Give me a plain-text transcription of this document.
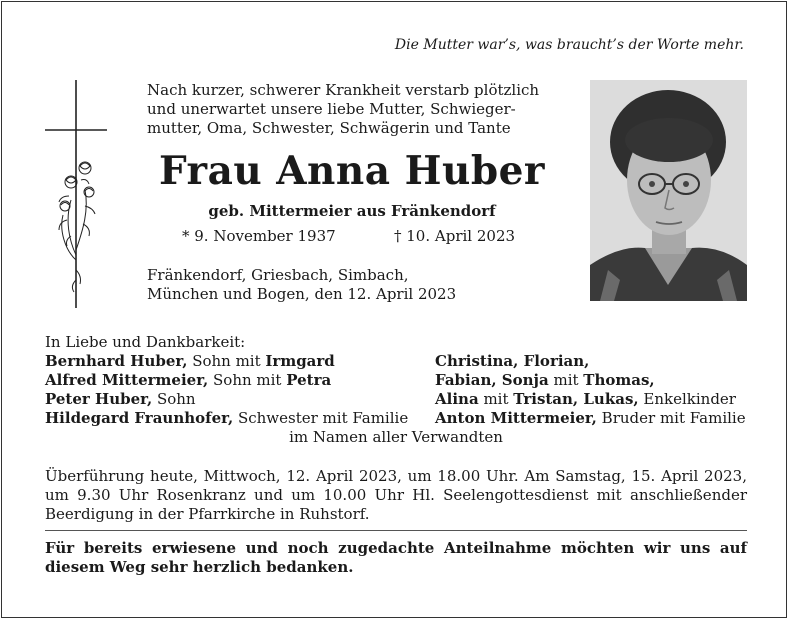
Die Mutter war’s, was braucht’s der Worte mehr.
Nach kurzer, schwerer Krankheit verstarb plötzlich
und unerwartet unsere liebe Mutter, Schwieger-
mutter, Oma, Schwester, Schwägerin und Tante
Frau Anna Huber
geb. Mittermeier aus Fränkendorf
* 9. November 1937	† 10. April 2023
Fränkendorf, Griesbach, Simbach,
München und Bogen, den 12. April 2023
In Liebe und Dankbarkeit:
Bernhard Huber, Sohn mit Irmgard
Alfred Mittermeier, Sohn mit Petra
Peter Huber, Sohn
Hildegard Fraunhofer, Schwester mit Familie
Christina, Florian,
Fabian, Sonja mit Thomas,
Alina mit Tristan, Lukas, Enkelkinder
Anton Mittermeier, Bruder mit Familie
im Namen aller Verwandten
Überführung heute, Mittwoch, 12. April 2023, um 18.00 Uhr. Am Samstag, 15. April 2023, um 9.30 Uhr Rosenkranz und um 10.00 Uhr Hl. Seelengottesdienst mit anschließender Beerdigung in der Pfarrkirche in Ruhstorf.
Für bereits erwiesene und noch zugedachte Anteilnahme möchten wir uns auf diesem Weg sehr herzlich bedanken.
